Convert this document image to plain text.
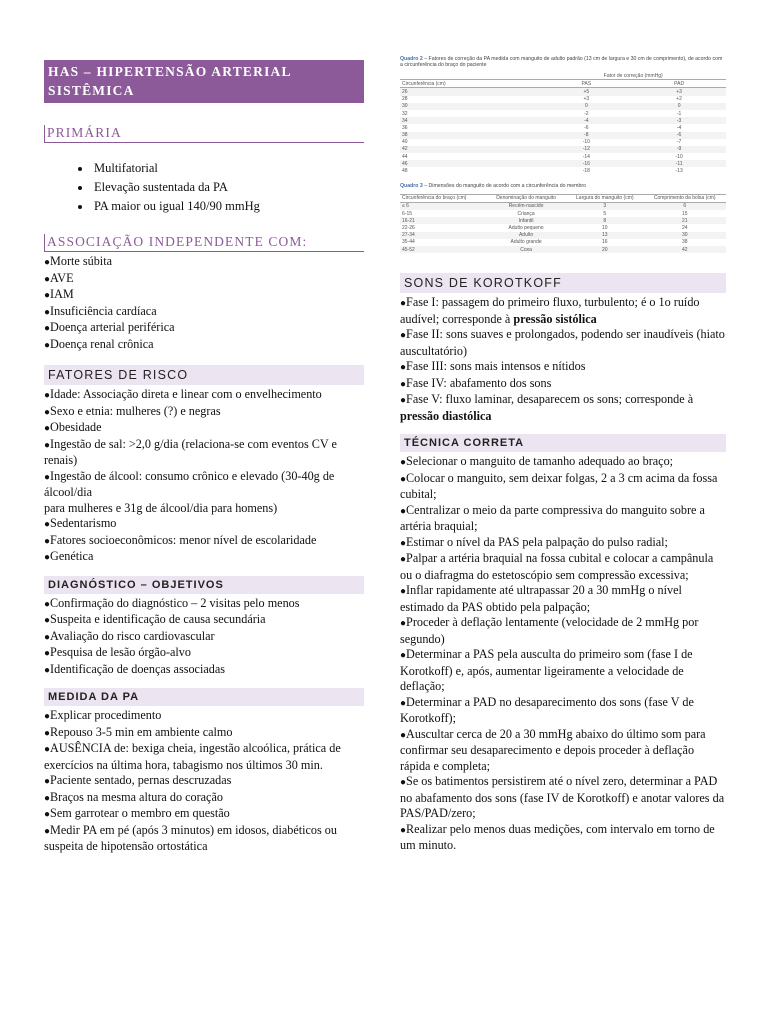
HAS – HIPERTENSÃO ARTERIAL SISTÊMICA
PRIMÁRIA
• Multifatorial
• Elevação sustentada da PA
• PA maior ou igual 140/90 mmHg
ASSOCIAÇÃO INDEPENDENTE COM:
● Morte súbita
● AVE
● IAM
● Insuficiência cardíaca
● Doença arterial periférica
● Doença renal crônica
FATORES DE RISCO
● Idade: Associação direta e linear com o envelhecimento
● Sexo e etnia: mulheres (?) e negras
● Obesidade
● Ingestão de sal: >2,0 g/dia (relaciona-se com eventos CV e renais)
● Ingestão de álcool: consumo crônico e elevado (30-40g de álcool/dia
para mulheres e 31g de álcool/dia para homens)
● Sedentarismo
● Fatores socioeconômicos: menor nível de escolaridade
● Genética
DIAGNÓSTICO – OBJETIVOS
● Confirmação do diagnóstico – 2 visitas pelo menos
● Suspeita e identificação de causa secundária
● Avaliação do risco cardiovascular
● Pesquisa de lesão órgão-alvo
● Identificação de doenças associadas
MEDIDA DA PA
● Explicar procedimento
● Repouso 3-5 min em ambiente calmo
● AUSÊNCIA de: bexiga cheia, ingestão alcoólica, prática de exercícios na última hora, tabagismo nos últimos 30 min.
● Paciente sentado, pernas descruzadas
● Braços na mesma altura do coração
● Sem garrotear o membro em questão
● Medir PA em pé (após 3 minutos) em idosos, diabéticos ou suspeita de hipotensão ortostática
Quadro 2 – Fatores de correção da PA medida com manguito de adulto padrão (13 cm de largura e 30 cm de comprimento), de acordo com a circunferência do braço do paciente
	Fator de correção (mmHg)	
Circunferência (cm)	PAS	PAD
26	+5	+3
28	+3	+2
30	0	0
32	-2	-1
34	-4	-3
36	-6	-4
38	-8	-6
40	-10	-7
42	-12	-9
44	-14	-10
46	-16	-11
48	-18	-13
Quadro 3 – Dimensões do manguito de acordo com a circunferência do membro
Circunferência do braço (cm)	Denominação do manguito	Largura do manguito (cm)	Comprimento da bolsa (cm)
≤ 6	Recém-nascido	3	6
6-15	Criança	5	15
16-21	Infantil	8	21
22-26	Adulto pequeno	10	24
27-34	Adulto	13	30
35-44	Adulto grande	16	38
45-52	Coxa	20	42
SONS DE KOROTKOFF
● Fase I: passagem do primeiro fluxo, turbulento; é o 1o ruído audível; corresponde à pressão sistólica
● Fase II: sons suaves e prolongados, podendo ser inaudíveis (hiato auscultatório)
● Fase III: sons mais intensos e nítidos
● Fase IV: abafamento dos sons
● Fase V: fluxo laminar, desaparecem os sons; corresponde à pressão diastólica
TÉCNICA CORRETA
● Selecionar o manguito de tamanho adequado ao braço;
● Colocar o manguito, sem deixar folgas, 2 a 3 cm acima da fossa cubital;
● Centralizar o meio da parte compressiva do manguito sobre a artéria braquial;
● Estimar o nível da PAS pela palpação do pulso radial;
● Palpar a artéria braquial na fossa cubital e colocar a campânula ou o diafragma do estetoscópio sem compressão excessiva;
● Inflar rapidamente até ultrapassar 20 a 30 mmHg o nível estimado da PAS obtido pela palpação;
● Proceder à deflação lentamente (velocidade de 2 mmHg por segundo)
● Determinar a PAS pela ausculta do primeiro som (fase I de Korotkoff) e, após, aumentar ligeiramente a velocidade de deflação;
● Determinar a PAD no desaparecimento dos sons (fase V de Korotkoff);
● Auscultar cerca de 20 a 30 mmHg abaixo do último som para confirmar seu desaparecimento e depois proceder à deflação rápida e completa;
● Se os batimentos persistirem até o nível zero, determinar a PAD no abafamento dos sons (fase IV de Korotkoff) e anotar valores da PAS/PAD/zero;
● Realizar pelo menos duas medições, com intervalo em torno de um minuto.
